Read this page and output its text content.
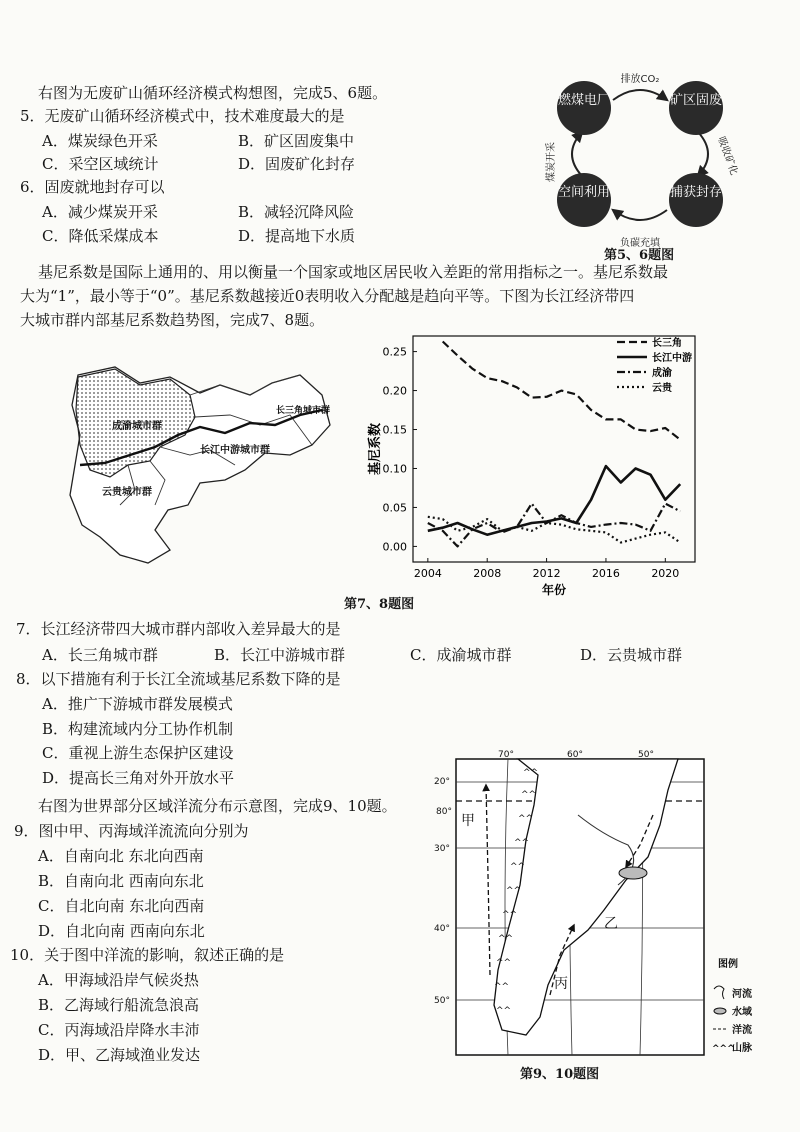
右图为无废矿山循环经济模式构想图，完成5、6题。
5．无废矿山循环经济模式中，技术难度最大的是
A．煤炭绿色开采	B．矿区固废集中
C．采空区域统计	D．固废矿化封存
6．固废就地封存可以
A．减少煤炭开采	B．减轻沉降风险
C．降低采煤成本	D．提高地下水质
燃煤电厂	矿区固废
捕获封存
空间利用
排放CO₂
吸收矿化
负碳充填
煤炭开采
第5、6题图
基尼系数是国际上通用的、用以衡量一个国家或地区居民收入差距的常用指标之一。基尼系数最
大为“1”，最小等于“0”。基尼系数越接近0表明收入分配越是趋向平等。下图为长江经济带四
大城市群内部基尼系数趋势图，完成7、8题。
成渝城市群
长江中游城市群
长三角城市群
云贵城市群
0.00
0.05
0.10
0.15
0.20
0.25
2004	2008	2012	2016	2020
长三角
长江中游
成渝
云贵
基尼系数
年份
第7、8题图
7．长江经济带四大城市群内部收入差异最大的是
A．长三角城市群	B．长江中游城市群	C．成渝城市群	D．云贵城市群
8．以下措施有利于长江全流域基尼系数下降的是
A．推广下游城市群发展模式
B．构建流域内分工协作机制
C．重视上游生态保护区建设
D．提高长三角对外开放水平
右图为世界部分区域洋流分布示意图，完成9、10题。
9．图中甲、丙海域洋流流向分别为
A．自南向北 东北向西南
B．自南向北 西南向东北
C．自北向南 东北向西南
D．自北向南 西南向东北
10．关于图中洋流的影响，叙述正确的是
A．甲海域沿岸气候炎热
B．乙海域行船流急浪高
C．丙海域沿岸降水丰沛
D．甲、乙海域渔业发达
^^
^^
^^
^^
^^
^^
^^
^^
^^
^^
^^
甲
乙
丙
70°	60°	50°
20°
80°
30°
40°
50°
图例
河流
水域
洋流
^^^
山脉
第9、10题图
